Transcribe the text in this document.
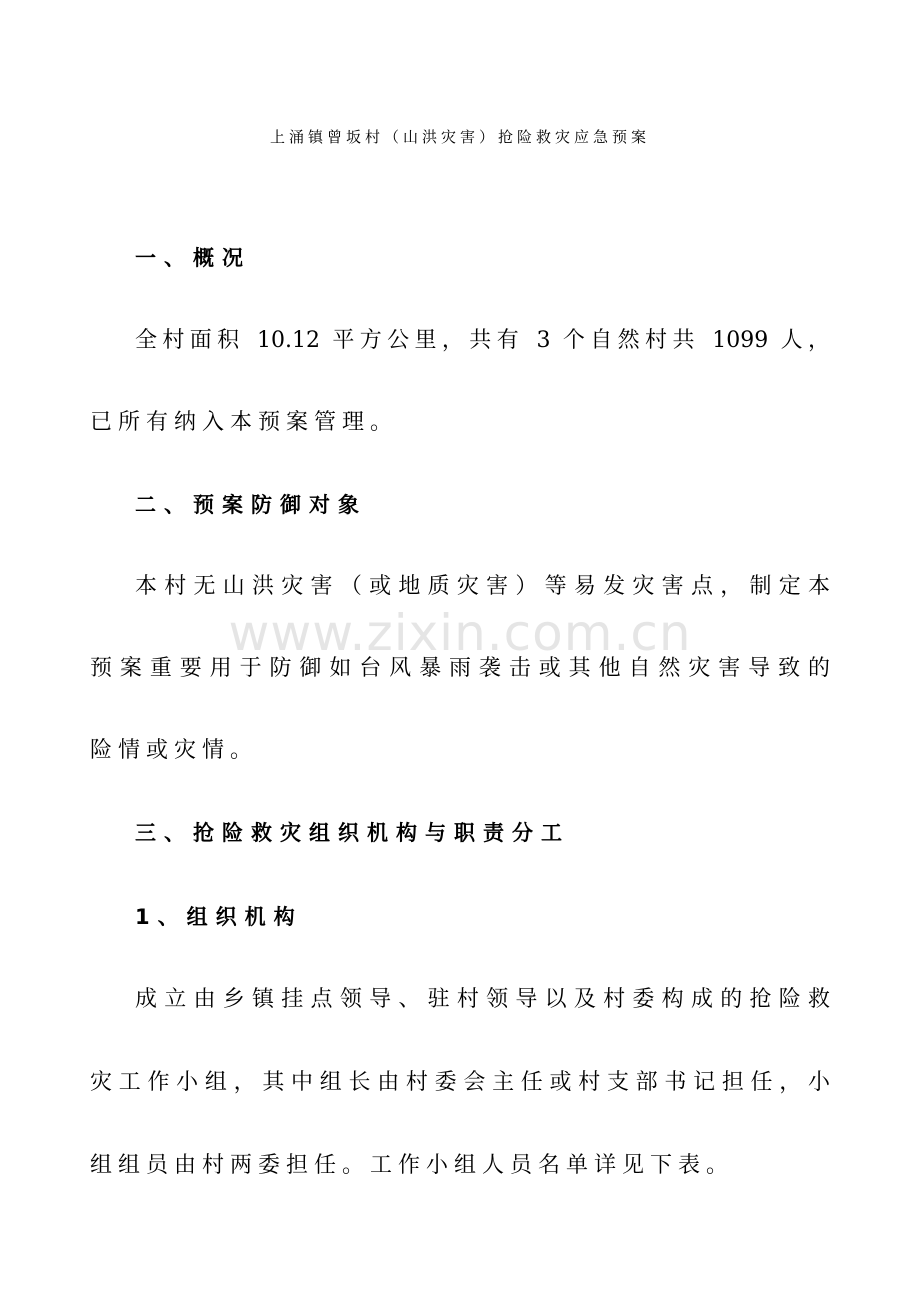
上涌镇曾坂村（山洪灾害）抢险救灾应急预案
www.zixin.com.cn

一、概况

全村面积 10.12 平方公里，共有 3 个自然村共 1099 人，

已所有纳入本预案管理。

二、预案防御对象

本村无山洪灾害（或地质灾害）等易发灾害点，制定本

预案重要用于防御如台风暴雨袭击或其他自然灾害导致的

险情或灾情。

三、抢险救灾组织机构与职责分工

1、组织机构

成立由乡镇挂点领导、驻村领导以及村委构成的抢险救

灾工作小组，其中组长由村委会主任或村支部书记担任，小

组组员由村两委担任。工作小组人员名单详见下表。
